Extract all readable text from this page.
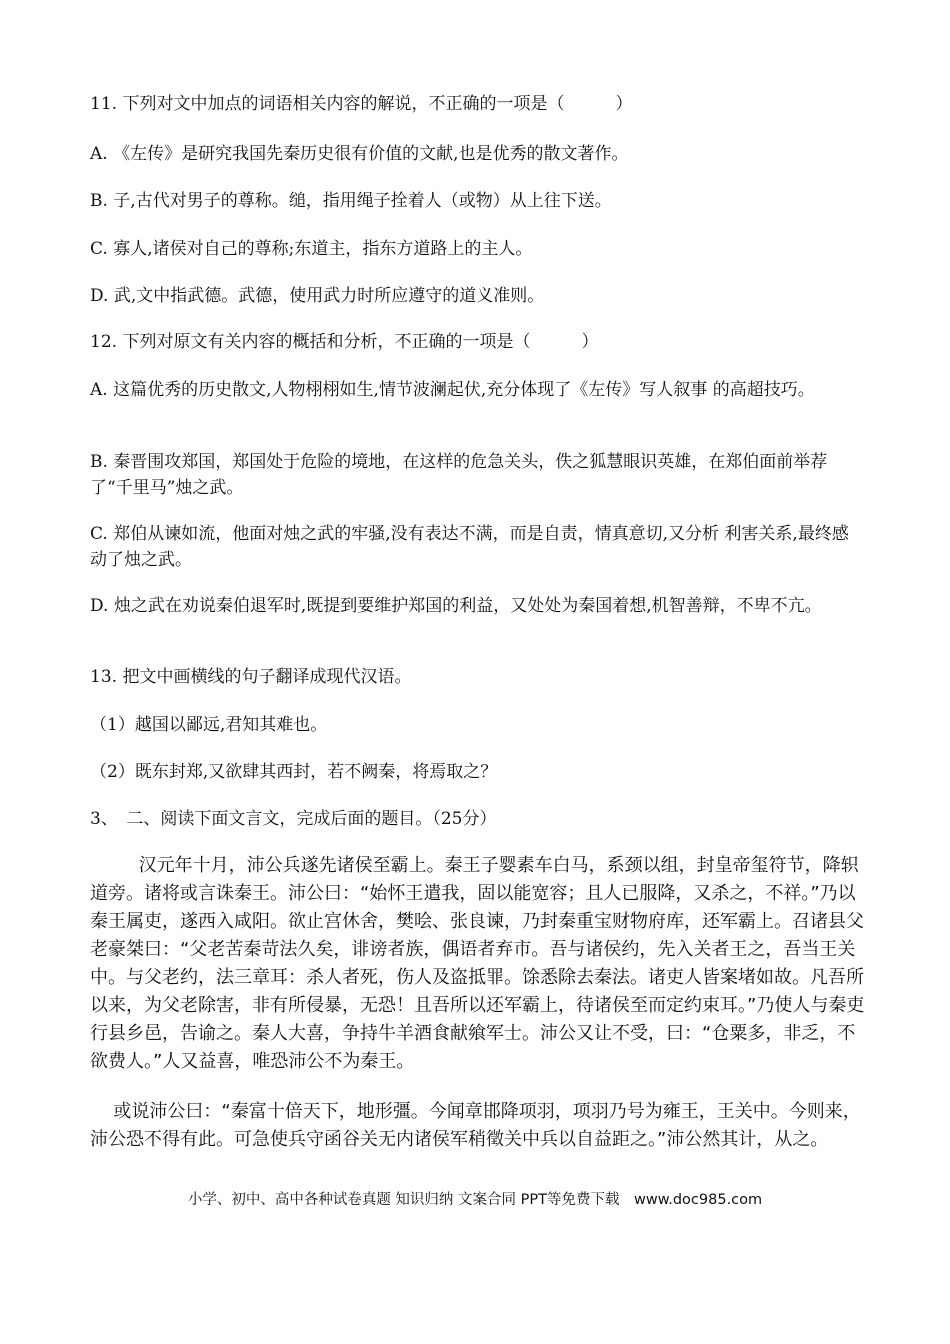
11. 下列对文中加点的词语相关内容的解说，不正确的一项是（　　　）

A. 《左传》是研究我国先秦历史很有价值的文献,也是优秀的散文著作。

B. 子,古代对男子的尊称。缒，指用绳子拴着人（或物）从上往下送。

C. 寡人,诸侯对自己的尊称;东道主，指东方道路上的主人。

D. 武,文中指武德。武德，使用武力时所应遵守的道义准则。

12. 下列对原文有关内容的概括和分析，不正确的一项是（　　　）

A. 这篇优秀的历史散文,人物栩栩如生,情节波澜起伏,充分体现了《左传》写人叙事 的高超技巧。

B. 秦晋围攻郑国，郑国处于危险的境地，在这样的危急关头，佚之狐慧眼识英雄，在郑伯面前举荐了“千里马”烛之武。

C. 郑伯从谏如流，他面对烛之武的牢骚,没有表达不满，而是自责，情真意切,又分析 利害关系,最终感动了烛之武。

D. 烛之武在劝说秦伯退军时,既提到要维护郑国的利益，又处处为秦国着想,机智善辩，不卑不亢。

13. 把文中画横线的句子翻译成现代汉语。

（1）越国以鄙远,君知其难也。

（2）既东封郑,又欲肆其西封，若不阙秦，将焉取之？

3、　二、阅读下面文言文，完成后面的题目。（25分）

汉元年十月，沛公兵遂先诸侯至霸上。秦王子婴素车白马，系颈以组，封皇帝玺符节，降轵道旁。诸将或言诛秦王。沛公曰：“始怀王遣我，固以能宽容；且人已服降，又杀之，不祥。”乃以秦王属吏，遂西入咸阳。欲止宫休舍，樊哙、张良谏，乃封秦重宝财物府库，还军霸上。召诸县父老豪桀曰：“父老苦秦苛法久矣，诽谤者族，偶语者弃市。吾与诸侯约，先入关者王之，吾当王关中。与父老约，法三章耳：杀人者死，伤人及盗抵罪。馀悉除去秦法。诸吏人皆案堵如故。凡吾所以来，为父老除害，非有所侵暴，无恐！且吾所以还军霸上，待诸侯至而定约束耳。”乃使人与秦吏行县乡邑，告谕之。秦人大喜，争持牛羊酒食献飨军士。沛公又让不受，曰：“仓粟多，非乏，不欲费人。”人又益喜，唯恐沛公不为秦王。

或说沛公曰：“秦富十倍天下，地形彊。今闻章邯降项羽，项羽乃号为雍王，王关中。今则来，沛公恐不得有此。可急使兵守函谷关无内诸侯军稍徵关中兵以自益距之。”沛公然其计，从之。

小学、初中、高中各种试卷真题 知识归纳 文案合同 PPT等免费下载　www.doc985.com
